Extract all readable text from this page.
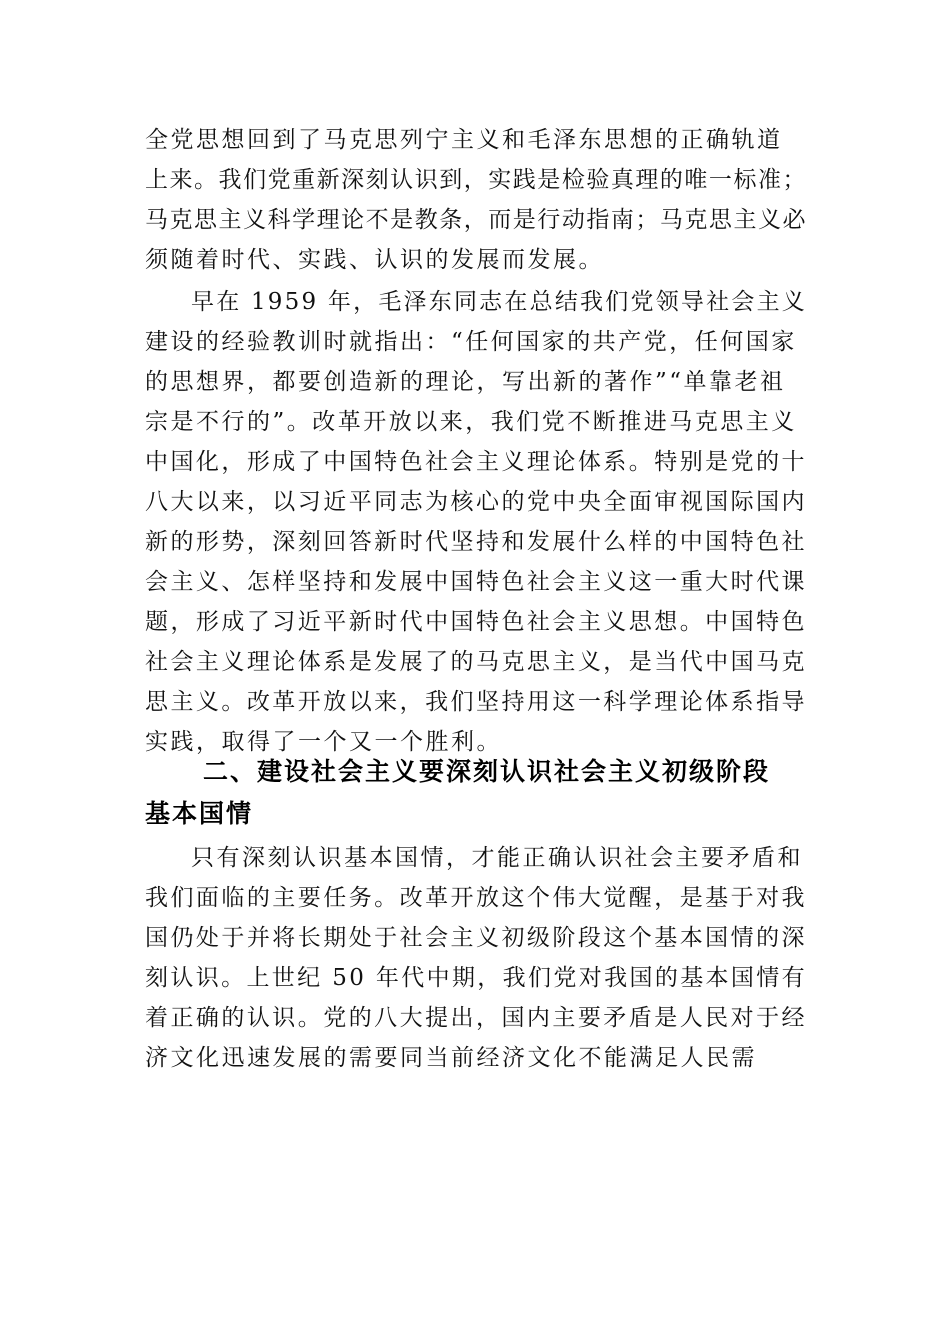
全党思想回到了马克思列宁主义和毛泽东思想的正确轨道
上来。我们党重新深刻认识到，实践是检验真理的唯一标准；
马克思主义科学理论不是教条，而是行动指南；马克思主义必
须随着时代、实践、认识的发展而发展。
早在 1959 年，毛泽东同志在总结我们党领导社会主义
建设的经验教训时就指出：“任何国家的共产党，任何国家
的思想界，都要创造新的理论，写出新的著作”“单靠老祖
宗是不行的”。改革开放以来，我们党不断推进马克思主义
中国化，形成了中国特色社会主义理论体系。特别是党的十
八大以来，以习近平同志为核心的党中央全面审视国际国内
新的形势，深刻回答新时代坚持和发展什么样的中国特色社
会主义、怎样坚持和发展中国特色社会主义这一重大时代课
题，形成了习近平新时代中国特色社会主义思想。中国特色
社会主义理论体系是发展了的马克思主义，是当代中国马克
思主义。改革开放以来，我们坚持用这一科学理论体系指导
实践，取得了一个又一个胜利。
二、建设社会主义要深刻认识社会主义初级阶段
基本国情
只有深刻认识基本国情，才能正确认识社会主要矛盾和
我们面临的主要任务。改革开放这个伟大觉醒，是基于对我
国仍处于并将长期处于社会主义初级阶段这个基本国情的深
刻认识。上世纪 50 年代中期，我们党对我国的基本国情有
着正确的认识。党的八大提出，国内主要矛盾是人民对于经
济文化迅速发展的需要同当前经济文化不能满足人民需
